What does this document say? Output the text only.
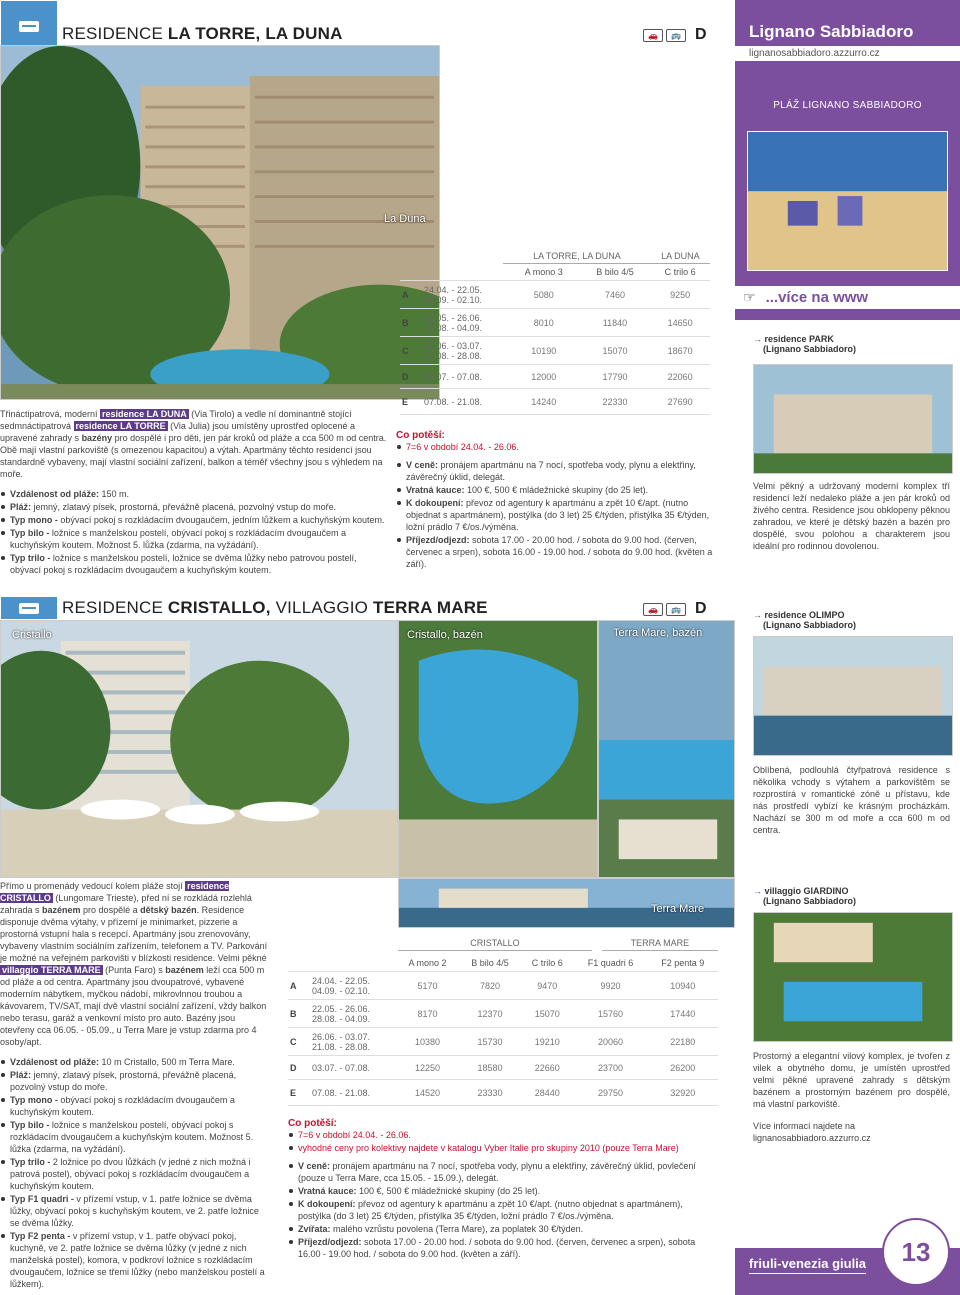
RESIDENCE LA TORRE, LA DUNA	🚗	🚌 D
La Duna
LA TORRE, LA DUNA	LA DUNA
		A mono 3	B bilo 4/5	C trilo 6
A	24.04. - 22.05.
04.09. - 02.10.	5080	7460	9250
B	22.05. - 26.06.
28.08. - 04.09.	8010	11840	14650
C	26.06. - 03.07.
21.08. - 28.08.	10190	15070	18670
D	03.07. - 07.08.	12000	17790	22060
E	07.08. - 21.08.	14240	22330	27690

Třináctipatrová, moderní residence LA DUNA (Via Tirolo) a vedle ní dominantně stojící sedmnáctipatrová residence LA TORRE (Via Julia) jsou umístěny uprostřed oplocené a upravené zahrady s bazény pro dospělé i pro děti, jen pár kroků od pláže a cca 500 m od centra. Obě mají vlastní parkoviště (s omezenou kapacitou) a výtah. Apartmány těchto residencí jsou standardně vybaveny, mají vlastní sociální zařízení, balkon a téměř všechny jsou s výhledem na moře.

Vzdálenost od pláže: 150 m.
Pláž: jemný, zlatavý písek, prostorná, převážně placená, pozvolný vstup do moře.
Typ mono - obývací pokoj s rozkládacím dvougaučem, jedním lůžkem a kuchyňským koutem.
Typ bilo - ložnice s manželskou postelí, obývací pokoj s rozkládacím dvougaučem a kuchyňským koutem. Možnost 5. lůžka (zdarma, na vyžádání).
Typ trilo - ložnice s manželskou postelí, ložnice se dvěma lůžky nebo patrovou postelí, obývací pokoj s rozkládacím dvougaučem a kuchyňským koutem.
Co potěší:
7=6 v období 24.04. - 26.06.
V ceně: pronájem apartmánu na 7 nocí, spotřeba vody, plynu a elektřiny, závěrečný úklid, delegát.
Vratná kauce: 100 €, 500 € mládežnické skupiny (do 25 let).
K dokoupení: převoz od agentury k apartmánu a zpět 10 €/apt. (nutno objednat s apartmánem), postýlka (do 3 let) 25 €/týden, přistýlka 35 €/týden, ložní prádlo 7 €/os./výměna.
Příjezd/odjezd: sobota 17.00 - 20.00 hod. / sobota do 9.00 hod. (červen, červenec a srpen), sobota 16.00 - 19.00 hod. / sobota do 9.00 hod. (květen a září).
RESIDENCE CRISTALLO, VILLAGGIO TERRA MARE	🚗	🚌 D
Cristallo	Cristallo, bazén	Terra Mare, bazén
Terra Mare

Přímo u promenády vedoucí kolem pláže stojí residence CRISTALLO (Lungomare Trieste), před ní se rozkládá rozlehlá zahrada s bazénem pro dospělé a dětský bazén. Residence disponuje dvěma výtahy, v přízemí je minimarket, pizzerie a prostorná vstupní hala s recepcí. Apartmány jsou zrenovovány, vybaveny vlastním sociálním zařízením, telefonem a TV. Parkování je možné na veřejném parkovišti v blízkosti residence. Velmi pěkné villaggio TERRA MARE (Punta Faro) s bazénem leží cca 500 m od pláže a od centra. Apartmány jsou dvoupatrové, vybavené moderním nábytkem, myčkou nádobí, mikrovlnnou troubou a kávovarem, TV/SAT, mají dvě vlastní sociální zařízení, vždy balkon nebo terasu, garáž a venkovní místo pro auto. Bazény jsou otevřeny cca 06.05. - 05.09., u Terra Mare je vstup zdarma pro 4 osoby/apt.

Vzdálenost od pláže: 10 m Cristallo, 500 m Terra Mare.
Pláž: jemný, zlatavý písek, prostorná, převážně placená, pozvolný vstup do moře.
Typ mono - obývací pokoj s rozkládacím dvougaučem a kuchyňským koutem.
Typ bilo - ložnice s manželskou postelí, obývací pokoj s rozkládacím dvougaučem a kuchyňským koutem. Možnost 5. lůžka (zdarma, na vyžádání).
Typ trilo - 2 ložnice po dvou lůžkách (v jedné z nich možná i patrová postel), obývací pokoj s rozkládacím dvougaučem a kuchyňským koutem.
Typ F1 quadri - v přízemí vstup, v 1. patře ložnice se dvěma lůžky, obývací pokoj s kuchyňským koutem, ve 2. patře ložnice se dvěma lůžky.
Typ F2 penta - v přízemí vstup, v 1. patře obývací pokoj, kuchyně, ve 2. patře ložnice se dvěma lůžky (v jedné z nich manželská postel), komora, v podkroví ložnice s rozkládacím dvougaučem, ložnice se třemi lůžky (nebo manželskou postelí a lůžkem).
CRISTALLO	TERRA MARE
		A mono 2	B bilo 4/5	C trilo 6	F1 quadri 6	F2 penta 9
A	24.04. - 22.05.
04.09. - 02.10.	5170	7820	9470	9920	10940
B	22.05. - 26.06.
28.08. - 04.09.	8170	12370	15070	15760	17440
C	26.06. - 03.07.
21.08. - 28.08.	10380	15730	19210	20060	22180
D	03.07. - 07.08.	12250	18580	22660	23700	26200
E	07.08. - 21.08.	14520	23330	28440	29750	32920
Co potěší:
7=6 v období 24.04. - 26.06.
vyhodné ceny pro kolektivy najdete v katalogu Vyber Italie pro skupiny 2010 (pouze Terra Mare)
V ceně: pronájem apartmánu na 7 nocí, spotřeba vody, plynu a elektřiny, závěrečný úklid, povlečení (pouze u Terra Mare, cca 15.05. - 15.09.), delegát.
Vratná kauce: 100 €, 500 € mládežnické skupiny (do 25 let).
K dokoupení: převoz od agentury k apartmánu a zpět 10 €/apt. (nutno objednat s apartmánem), postýlka (do 3 let) 25 €/týden, přistýlka 35 €/týden, ložní prádlo 7 €/os./výměna.
Zvířata: malého vzrůstu povolena (Terra Mare), za poplatek 30 €/týden.
Příjezd/odjezd: sobota 17.00 - 20.00 hod. / sobota do 9.00 hod. (červen, červenec a srpen), sobota 16.00 - 19.00 hod. / sobota do 9.00 hod. (květen a září).
Lignano Sabbiadoro
lignanosabbiadoro.azzurro.cz
PLÁŽ LIGNANO SABBIADORO
☞ ...více na www
→ residence PARK
(Lignano Sabbiadoro)
Velmi pěkný a udržovaný moderní komplex tří residencí leží nedaleko pláže a jen pár kroků od živého centra. Residence jsou obklopeny pěknou zahradou, ve které je dětský bazén a bazén pro dospělé, svou polohou a charakterem jsou ideální pro rodinnou dovolenou.
→ residence OLIMPO
(Lignano Sabbiadoro)
Oblíbená, podlouhlá čtyřpatrová residence s několika vchody s výtahem a parkovištěm se rozprostírá v romantické zóně u přístavu, kde nás prostředí vybízí ke krásným procházkám. Nachází se 300 m od moře a cca 600 m od centra.
→ villaggio GIARDINO
(Lignano Sabbiadoro)
Prostorný a elegantní vilový komplex, je tvořen z vilek a obytného domu, je umístěn uprostřed velmi pěkné upravené zahrady s dětským bazénem a prostorným bazénem pro dospělé, má vlastní parkoviště.
Více informací najdete na
lignanosabbiadoro.azzurro.cz
friuli-venezia giulia 13
